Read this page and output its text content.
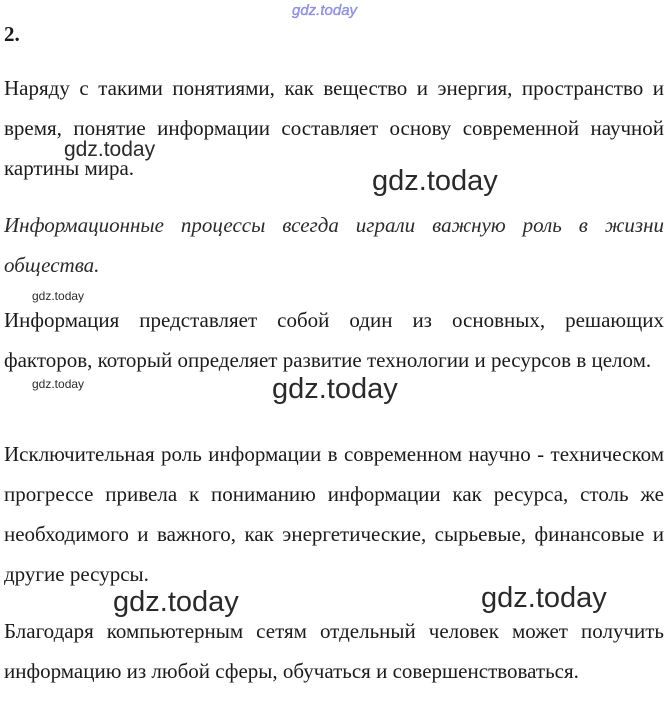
2.

Наряду с такими понятиями, как вещество и энергия, пространство и время, понятие информации составляет основу современной научной картины мира.

Информационные процессы всегда играли важную роль в жизни общества.

Информация представляет собой один из основных, решающих факторов, который определяет развитие технологии и ресурсов в целом.

Исключительная роль информации в современном научно - техническом прогрессе привела к пониманию информации как ресурса, столь же необходимого и важного, как энергетические, сырьевые, финансовые и другие ресурсы.

Благодаря компьютерным сетям отдельный человек может получить информацию из любой сферы, обучаться и совершенствоваться.

gdz.today
gdz.today
gdz.today
gdz.today
gdz.today	gdz.today
gdz.today	gdz.today
